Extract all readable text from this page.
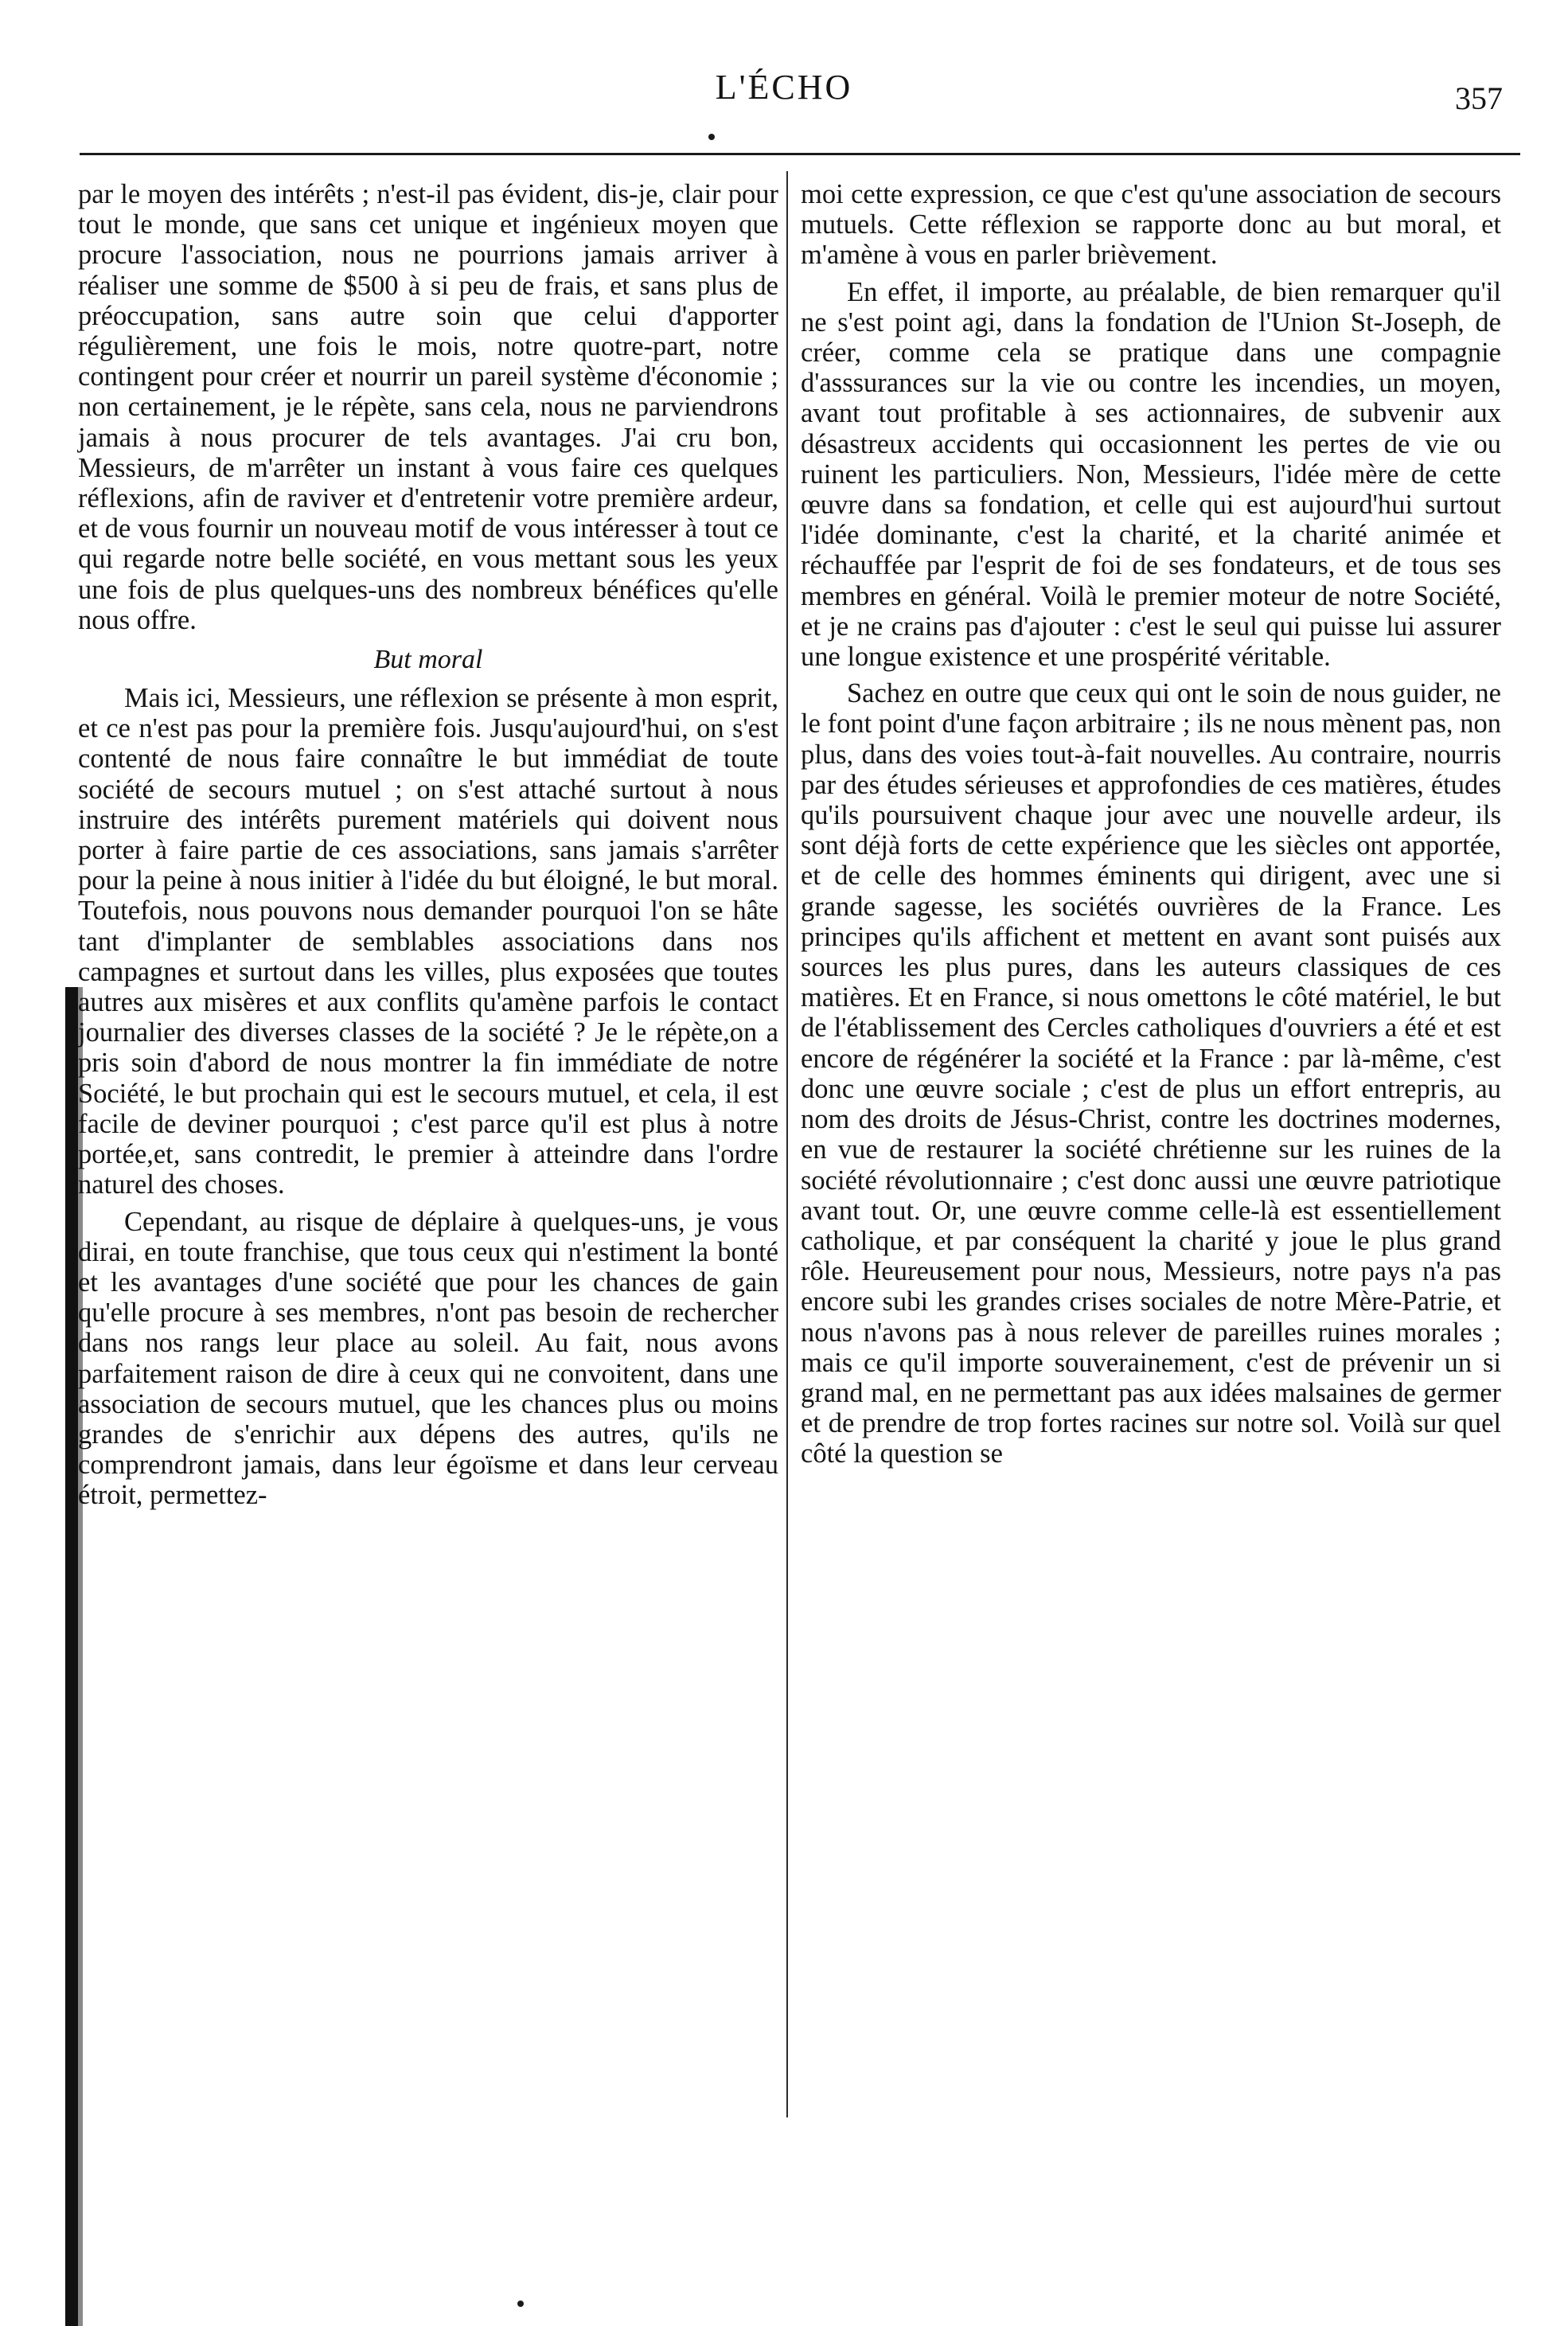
L'ÉCHO	357

par le moyen des intérêts ; n'est-il pas évident, dis-je, clair pour tout le monde, que sans cet unique et ingénieux moyen que procure l'association, nous ne pourrions jamais arriver à réaliser une somme de $500 à si peu de frais, et sans plus de préoccupation, sans autre soin que celui d'apporter régulièrement, une fois le mois, notre quotre-part, notre contingent pour créer et nourrir un pareil système d'économie ; non certainement, je le répète, sans cela, nous ne parviendrons jamais à nous procurer de tels avantages. J'ai cru bon, Messieurs, de m'arrêter un instant à vous faire ces quelques réflexions, afin de raviver et d'entretenir votre première ardeur, et de vous fournir un nouveau motif de vous intéresser à tout ce qui regarde notre belle société, en vous mettant sous les yeux une fois de plus quelques-uns des nombreux bénéfices qu'elle nous offre.

But moral

Mais ici, Messieurs, une réflexion se présente à mon esprit, et ce n'est pas pour la première fois. Jusqu'aujourd'hui, on s'est contenté de nous faire connaître le but immédiat de toute société de secours mutuel ; on s'est attaché surtout à nous instruire des intérêts purement matériels qui doivent nous porter à faire partie de ces associations, sans jamais s'arrêter pour la peine à nous initier à l'idée du but éloigné, le but moral. Toutefois, nous pouvons nous demander pourquoi l'on se hâte tant d'implanter de semblables associations dans nos campagnes et surtout dans les villes, plus exposées que toutes autres aux misères et aux conflits qu'amène parfois le contact journalier des diverses classes de la société ? Je le répète,on a pris soin d'abord de nous montrer la fin immédiate de notre Société, le but prochain qui est le secours mutuel, et cela, il est facile de deviner pourquoi ; c'est parce qu'il est plus à notre portée,et, sans contredit, le premier à atteindre dans l'ordre naturel des choses.

Cependant, au risque de déplaire à quelques-uns, je vous dirai, en toute franchise, que tous ceux qui n'estiment la bonté et les avantages d'une société que pour les chances de gain qu'elle procure à ses membres, n'ont pas besoin de rechercher dans nos rangs leur place au soleil. Au fait, nous avons parfaitement raison de dire à ceux qui ne convoitent, dans une association de secours mutuel, que les chances plus ou moins grandes de s'enrichir aux dépens des autres, qu'ils ne comprendront jamais, dans leur égoïsme et dans leur cerveau étroit, permettez-

moi cette expression, ce que c'est qu'une association de secours mutuels. Cette réflexion se rapporte donc au but moral, et m'amène à vous en parler brièvement.

En effet, il importe, au préalable, de bien remarquer qu'il ne s'est point agi, dans la fondation de l'Union St-Joseph, de créer, comme cela se pratique dans une compagnie d'asssurances sur la vie ou contre les incendies, un moyen, avant tout profitable à ses actionnaires, de subvenir aux désastreux accidents qui occasionnent les pertes de vie ou ruinent les particuliers. Non, Messieurs, l'idée mère de cette œuvre dans sa fondation, et celle qui est aujourd'hui surtout l'idée dominante, c'est la charité, et la charité animée et réchauffée par l'esprit de foi de ses fondateurs, et de tous ses membres en général. Voilà le premier moteur de notre Société, et je ne crains pas d'ajouter : c'est le seul qui puisse lui assurer une longue existence et une prospérité véritable.

Sachez en outre que ceux qui ont le soin de nous guider, ne le font point d'une façon arbitraire ; ils ne nous mènent pas, non plus, dans des voies tout-à-fait nouvelles. Au contraire, nourris par des études sérieuses et approfondies de ces matières, études qu'ils poursuivent chaque jour avec une nouvelle ardeur, ils sont déjà forts de cette expérience que les siècles ont apportée, et de celle des hommes éminents qui dirigent, avec une si grande sagesse, les sociétés ouvrières de la France. Les principes qu'ils affichent et mettent en avant sont puisés aux sources les plus pures, dans les auteurs classiques de ces matières. Et en France, si nous omettons le côté matériel, le but de l'établissement des Cercles catholiques d'ouvriers a été et est encore de régénérer la société et la France : par là-même, c'est donc une œuvre sociale ; c'est de plus un effort entrepris, au nom des droits de Jésus-Christ, contre les doctrines modernes, en vue de restaurer la société chrétienne sur les ruines de la société révolutionnaire ; c'est donc aussi une œuvre patriotique avant tout. Or, une œuvre comme celle-là est essentiellement catholique, et par conséquent la charité y joue le plus grand rôle. Heureusement pour nous, Messieurs, notre pays n'a pas encore subi les grandes crises sociales de notre Mère-Patrie, et nous n'avons pas à nous relever de pareilles ruines morales ; mais ce qu'il importe souverainement, c'est de prévenir un si grand mal, en ne permettant pas aux idées malsaines de germer et de prendre de trop fortes racines sur notre sol. Voilà sur quel côté la question se
